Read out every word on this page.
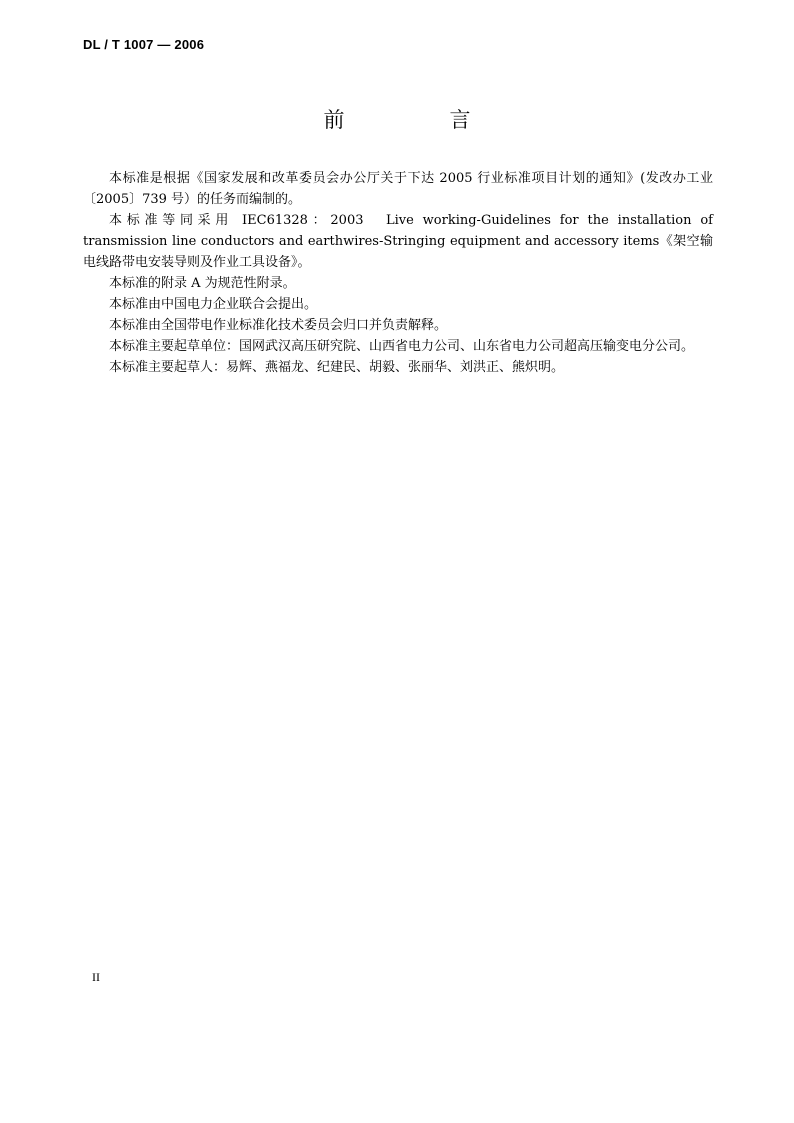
DL / T 1007 — 2006
前　言

本标准是根据《国家发展和改革委员会办公厅关于下达 2005 行业标准项目计划的通知》(发改办工业〔2005〕739 号）的任务而编制的。

本标准等同采用 IEC61328：2003　Live working-Guidelines for the installation of transmission line conductors and earthwires-Stringing equipment and accessory items《架空输电线路带电安装导则及作业工具设备》。

本标准的附录 A 为规范性附录。

本标准由中国电力企业联合会提出。

本标准由全国带电作业标准化技术委员会归口并负责解释。

本标准主要起草单位：国网武汉高压研究院、山西省电力公司、山东省电力公司超高压输变电分公司。

本标准主要起草人：易辉、燕福龙、纪建民、胡毅、张丽华、刘洪正、熊炽明。

II
